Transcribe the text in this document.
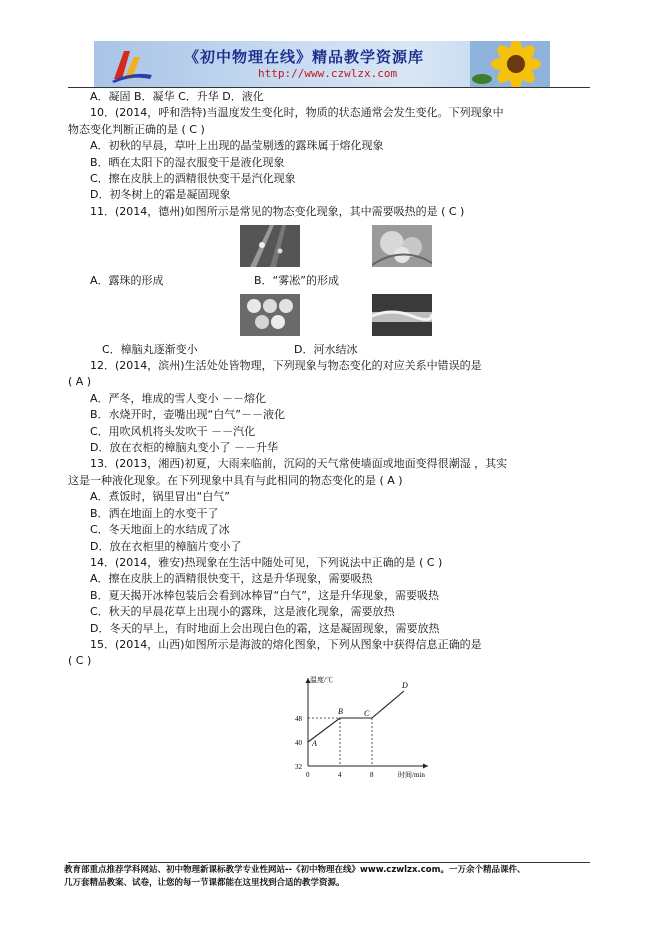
《初中物理在线》精品教学资源库
http://www.czwlzx.com
A．凝固 B．凝华 C．升华 D．液化
10．(2014，呼和浩特)当温度发生变化时，物质的状态通常会发生变化。下列现象中
物态变化判断正确的是 ( C )
A．初秋的早晨，草叶上出现的晶莹剔透的露珠属于熔化现象
B．晒在太阳下的湿衣服变干是液化现象
C．擦在皮肤上的酒精很快变干是汽化现象
D．初冬树上的霜是凝固现象
11．(2014，德州)如图所示是常见的物态变化现象，其中需要吸热的是 ( C )
A．露珠的形成	B．“雾凇”的形成
C．樟脑丸逐渐变小	D．河水结冰
12．(2014，滨州)生活处处皆物理，下列现象与物态变化的对应关系中错误的是
( A )
A．严冬，堆成的雪人变小 －－熔化
B．水烧开时，壶嘴出现“白气”－－液化
C．用吹风机将头发吹干 －－汽化
D．放在衣柜的樟脑丸变小了 －－升华
13．(2013，湘西)初夏，大雨来临前，沉闷的天气常使墙面或地面变得很潮湿 ，其实
这是一种液化现象。在下列现象中具有与此相同的物态变化的是 ( A )
A．煮饭时，锅里冒出“白气”
B．洒在地面上的水变干了
C．冬天地面上的水结成了冰
D．放在衣柜里的樟脑片变小了
14．(2014，雅安)热现象在生活中随处可见，下列说法中正确的是 ( C )
A．擦在皮肤上的酒精很快变干，这是升华现象，需要吸热
B．夏天揭开冰棒包装后会看到冰棒冒“白气”，这是升华现象，需要吸热
C．秋天的早晨花草上出现小的露珠，这是液化现象，需要放热
D．冬天的早上，有时地面上会出现白色的霜，这是凝固现象，需要放热
15．(2014，山西)如图所示是海波的熔化图象，下列从图象中获得信息正确的是
( C )
温度/℃
时间/min
0	4	8
32
40
48
A
B	C
D
教育部重点推荐学科网站、初中物理新课标教学专业性网站--《初中物理在线》www.czwlzx.com。一万余个精品课件、
几万套精品教案、试卷，让您的每一节课都能在这里找到合适的教学资源。
